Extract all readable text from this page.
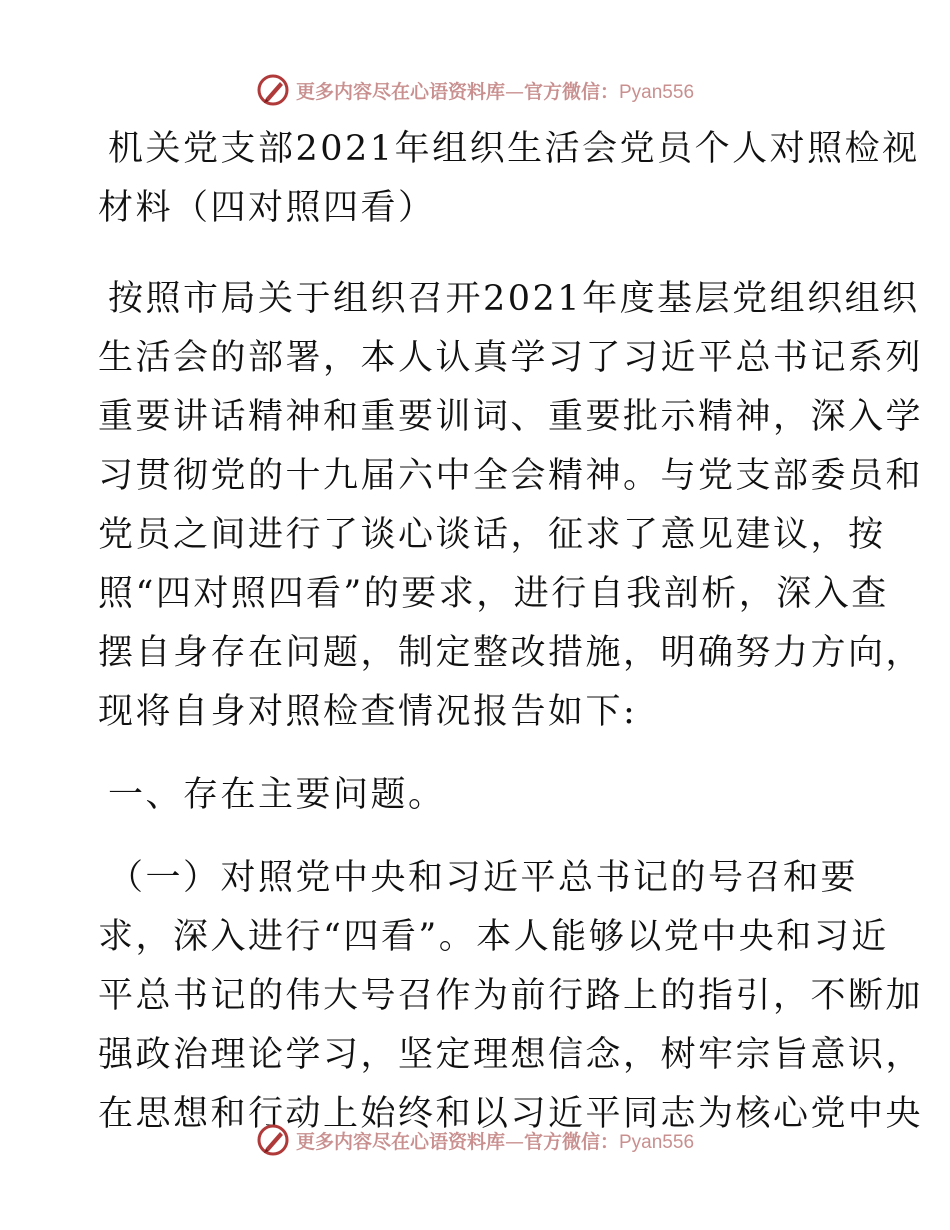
更多内容尽在心语资料库—官方微信：Pyan556
机关党支部2021年组织生活会党员个人对照检视
材料（四对照四看）
按照市局关于组织召开2021年度基层党组织组织
生活会的部署，本人认真学习了习近平总书记系列
重要讲话精神和重要训词、重要批示精神，深入学
习贯彻党的十九届六中全会精神。与党支部委员和
党员之间进行了谈心谈话，征求了意见建议，按
照“四对照四看”的要求，进行自我剖析，深入查
摆自身存在问题，制定整改措施，明确努力方向，
现将自身对照检查情况报告如下:
一、存在主要问题。
（一）对照党中央和习近平总书记的号召和要
求，深入进行“四看”。本人能够以党中央和习近
平总书记的伟大号召作为前行路上的指引，不断加
强政治理论学习，坚定理想信念，树牢宗旨意识，
在思想和行动上始终和以习近平同志为核心党中央
更多内容尽在心语资料库—官方微信：Pyan556
